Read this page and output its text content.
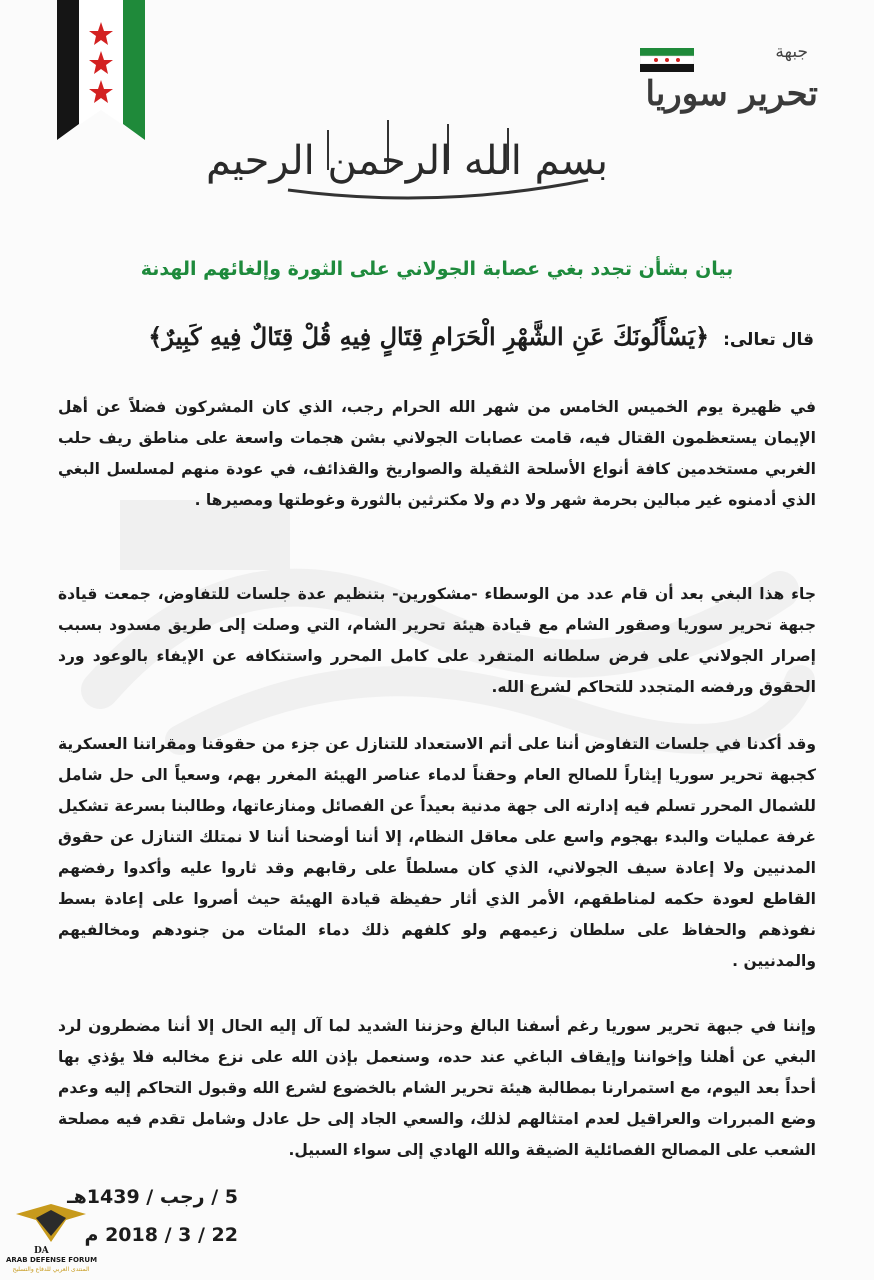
جبهة
تحرير سوريا
بسم الله الرحمن الرحيم
بيان بشأن تجدد بغي عصابة الجولاني على الثورة وإلغائهم الهدنة
قال تعالى:
﴿يَسْأَلُونَكَ عَنِ الشَّهْرِ الْحَرَامِ قِتَالٍ فِيهِ قُلْ قِتَالٌ فِيهِ كَبِيرٌ﴾

في ظهيرة يوم الخميس الخامس من شهر الله الحرام رجب، الذي كان المشركون فضلاً عن أهل الإيمان يستعظمون القتال فيه، قامت عصابات الجولاني بشن هجمات واسعة على مناطق ريف حلب الغربي مستخدمين كافة أنواع الأسلحة الثقيلة والصواريخ والقذائف، في عودة منهم لمسلسل البغي الذي أدمنوه غير مبالين بحرمة شهر ولا دم ولا مكترثين بالثورة وغوطتها ومصيرها .

جاء هذا البغي بعد أن قام عدد من الوسطاء -مشكورين- بتنظيم عدة جلسات للتفاوض، جمعت قيادة جبهة تحرير سوريا وصقور الشام مع قيادة هيئة تحرير الشام، التي وصلت إلى طريق مسدود بسبب إصرار الجولاني على فرض سلطانه المتفرد على كامل المحرر واستنكافه عن الإيفاء بالوعود ورد الحقوق ورفضه المتجدد للتحاكم لشرع الله.

وقد أكدنا في جلسات التفاوض أننا على أتم الاستعداد للتنازل عن جزء من حقوقنا ومقراتنا العسكرية كجبهة تحرير سوريا إيثاراً للصالح العام وحقناً لدماء عناصر الهيئة المغرر بهم، وسعياً الى حل شامل للشمال المحرر تسلم فيه إدارته الى جهة مدنية بعيداً عن الفصائل ومنازعاتها، وطالبنا بسرعة تشكيل غرفة عمليات والبدء بهجوم واسع على معاقل النظام، إلا أننا أوضحنا أننا لا نمتلك التنازل عن حقوق المدنيين ولا إعادة سيف الجولاني، الذي كان مسلطاً على رقابهم وقد ثاروا عليه وأكدوا رفضهم القاطع لعودة حكمه لمناطقهم، الأمر الذي أثار حفيظة قيادة الهيئة حيث أصروا على إعادة بسط نفوذهم والحفاظ على سلطان زعيمهم ولو كلفهم ذلك دماء المئات من جنودهم ومخالفيهم والمدنيين .

وإننا في جبهة تحرير سوريا رغم أسفنا البالغ وحزننا الشديد لما آل إليه الحال إلا أننا مضطرون لرد البغي عن أهلنا وإخواننا وإيقاف الباغي عند حده، وسنعمل بإذن الله على نزع مخالبه فلا يؤذي بها أحداً بعد اليوم، مع استمرارنا بمطالبة هيئة تحرير الشام بالخضوع لشرع الله وقبول التحاكم إليه وعدم وضع المبررات والعراقيل لعدم امتثالهم لذلك، والسعي الجاد إلى حل عادل وشامل تقدم فيه مصلحة الشعب على المصالح الفصائلية الضيقة والله الهادي إلى سواء السبيل.

5 / رجب / 1439هـ
22 / 3 / 2018 م
DA
ARAB DEFENSE FORUM
المنتدى العربي للدفاع والتسليح
